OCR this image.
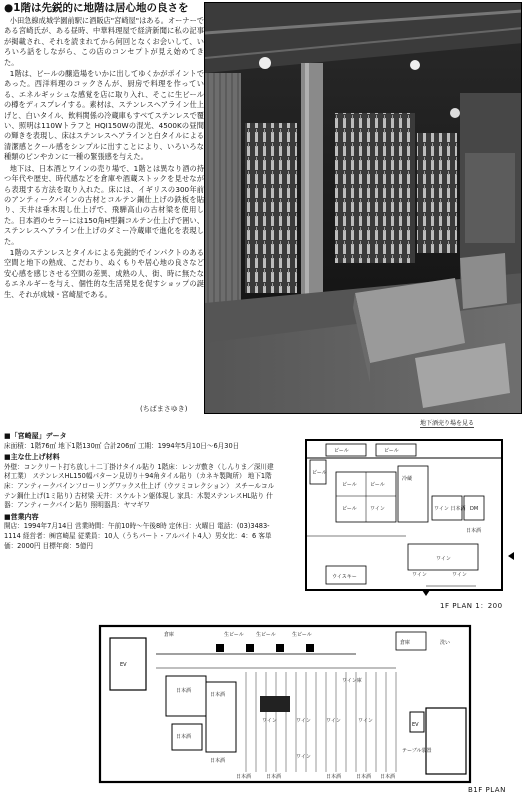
●1階は先鋭的に地階は居心地の良さを

小田急線成城学園前駅に酒販店"宮崎屋"はある。オーナーである宮崎氏が、ある昼時、中華料理屋で経済新聞に私の記事が掲載され、それを読まれてから何回となくお会いして、いろいろ話をしながら、この店のコンセプトが見え始めてきた。

1階は、ビールの醸造場をいかに出してゆくかがポイントであった。西洋料理のコックさんが、厨房で料理を作っている、エネルギッシュな感覚を店に取り入れ、そこに生ビールの樽をディスプレイする。素材は、ステンレスヘアライン仕上げと、白いタイル、飲料関係の冷蔵庫もすべてステンレスで覆い、照明は110Wトラフと HQI150Wの混光、4500Kの昼間の輝きを表現し、床はステンレスヘアラインと白タイルによる清潔感とクール感をシンプルに出すことにより、いろいろな種類のビンやカンに一種の緊張感を与えた。

地下は、日本酒とワインの売り場で、1階とは異なり酒の持つ年代や歴史、時代感などを倉庫や酒蔵ストックを見せながら表現する方法を取り入れた。床には、イギリスの300年前のアンティークパインの古材とコルテン鋼仕上げの鉄板を貼り、天井は垂木現し仕上げで、飛騨高山の古材梁を使用した。日本酒のセラーには150角H型鋼コルテン仕上げで囲い、ステンレスヘアライン仕上げのダミー冷蔵庫で進化を表現した。

1階のステンレスとタイルによる先鋭的でインパクトのある空間と地下の熟成、こだわり、ぬくもりや居心地の良さなど安心感を感じさせる空間の差異、成熟の人、街、時に無たなるエネルギーを与え、個性的な生活発見を促すショップの誕生、それが成城・宮崎屋である。

(ちばまさゆき)
地下酒売り場を見る
■「宮崎屋」データ
床面積：1階76㎡ 地下1階130㎡ 合計206㎡ 工期：1994年5月10日〜6月30日
■主な仕上げ材料
外壁：コンクリート打ち放し＋二丁掛けタイル貼り 1階床：レンガ敷き（しんりま／深川建材工業） ステンレスHL150幅パターン見切り＋94角タイル貼り（カネキ製陶所） 地下1階床：アンティークパインフローリングワックス仕上げ（ウツミコレクション） スチールコルテン鋼仕上げ(1ミ貼り) 古材梁 天井：スケルトン躯体現し 家具：木製ステンレスHL貼り 什器：アンティークパイン貼り 照明器具：ヤマギワ
■営業内容
開店：1994年7月14日 営業時間：午前10時〜午後8時 定休日：火曜日 電話：(03)3483-1114 経営者：㈱宮崎屋 従業員：10人（うちパート・アルバイト4人）男女比：4：6 客単価：2000円 目標年商：5億円
ビール	ビール
ビール
ビール	ビール
冷蔵
ビール	ワイン	DM
ワイン 日本酒
日本酒
ワイン
ワイン	ワイン
ウイスキー
1F PLAN 1：200
EV
倉庫	生ビール 生ビール	生ビール
倉庫
EV
洗い
日本酒
日本酒
日本酒
日本酒	日本酒
ワイン	ワイン	ワイン
ワイン庫
ワイン
日本酒
ワイン
日本酒	日本酒 日本酒
テーブル装置
B1F PLAN
